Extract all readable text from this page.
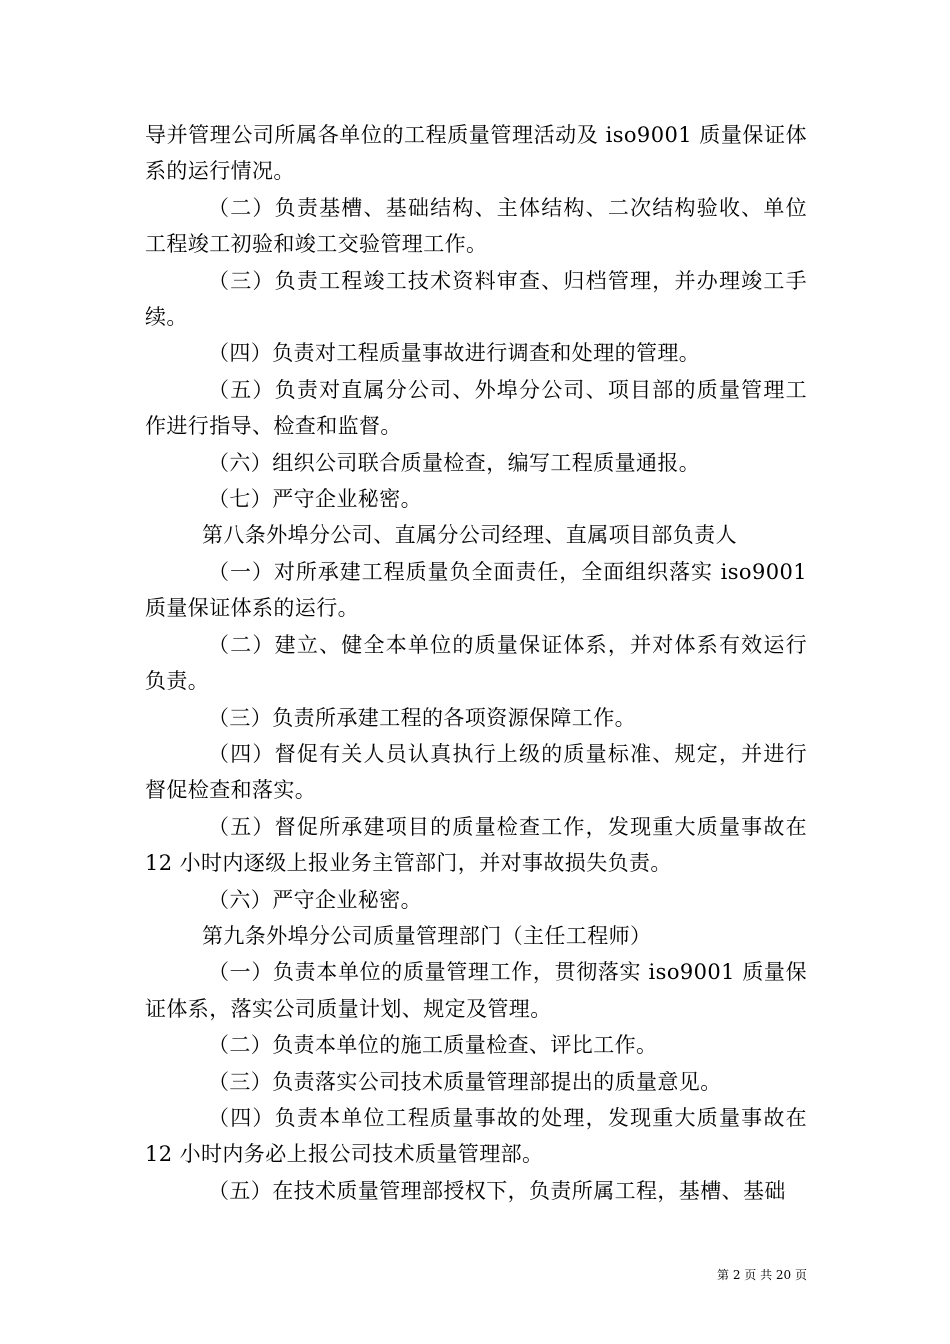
导并管理公司所属各单位的工程质量管理活动及 iso9001 质量保证体系的运行情况。

（二）负责基槽、基础结构、主体结构、二次结构验收、单位工程竣工初验和竣工交验管理工作。

（三）负责工程竣工技术资料审查、归档管理，并办理竣工手续。

（四）负责对工程质量事故进行调查和处理的管理。

（五）负责对直属分公司、外埠分公司、项目部的质量管理工作进行指导、检查和监督。

（六）组织公司联合质量检查，编写工程质量通报。

（七）严守企业秘密。

第八条外埠分公司、直属分公司经理、直属项目部负责人

（一）对所承建工程质量负全面责任，全面组织落实 iso9001 质量保证体系的运行。

（二）建立、健全本单位的质量保证体系，并对体系有效运行负责。

（三）负责所承建工程的各项资源保障工作。

（四）督促有关人员认真执行上级的质量标准、规定，并进行督促检查和落实。

（五）督促所承建项目的质量检查工作，发现重大质量事故在 12 小时内逐级上报业务主管部门，并对事故损失负责。

（六）严守企业秘密。

第九条外埠分公司质量管理部门（主任工程师）

（一）负责本单位的质量管理工作，贯彻落实 iso9001 质量保证体系，落实公司质量计划、规定及管理。

（二）负责本单位的施工质量检查、评比工作。

（三）负责落实公司技术质量管理部提出的质量意见。

（四）负责本单位工程质量事故的处理，发现重大质量事故在 12 小时内务必上报公司技术质量管理部。

（五）在技术质量管理部授权下，负责所属工程，基槽、基础

第 2 页 共 20 页
